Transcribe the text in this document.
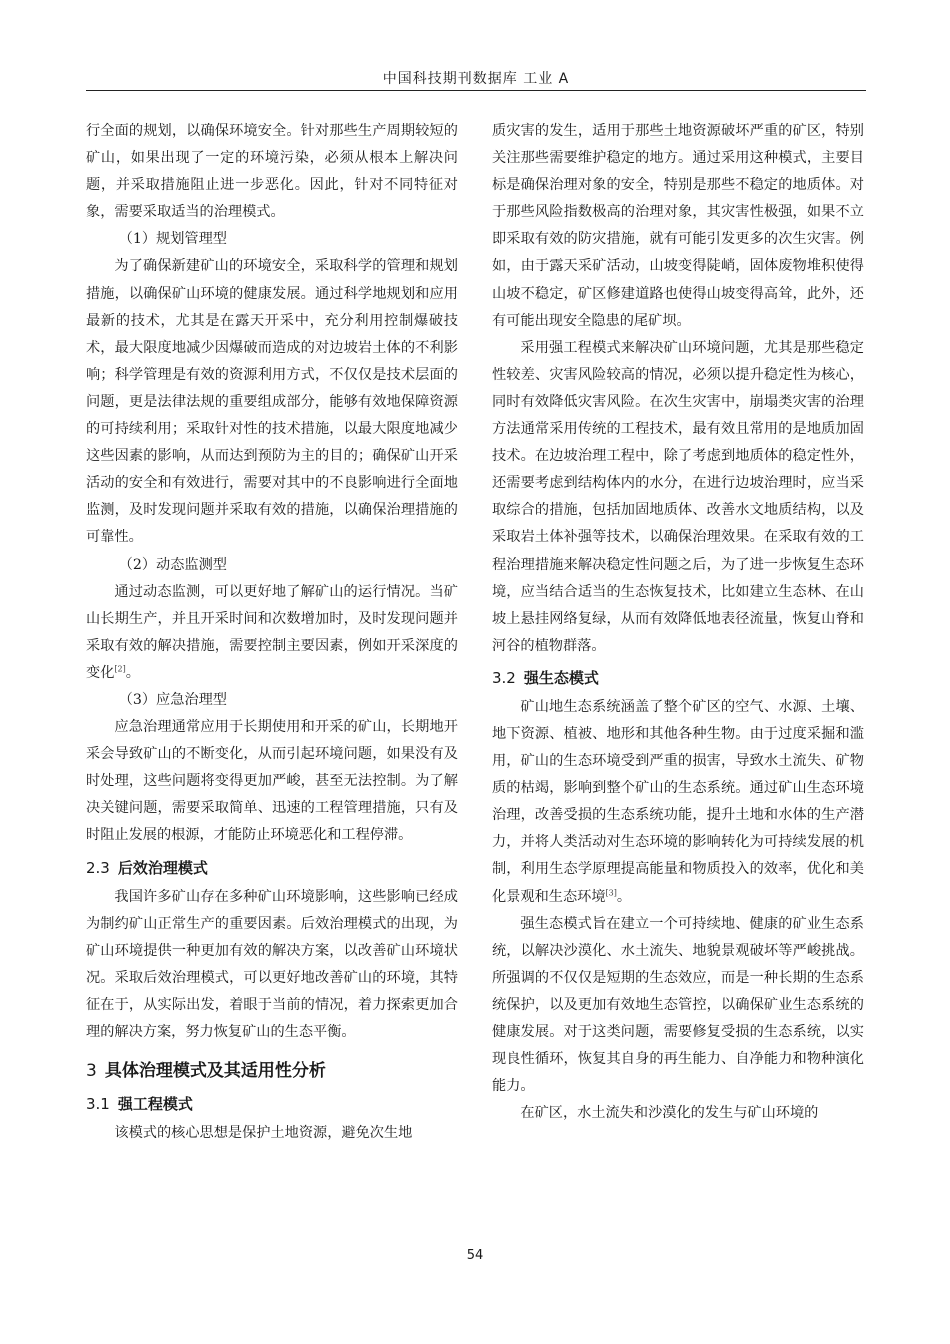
中国科技期刊数据库 工业 A

行全面的规划，以确保环境安全。针对那些生产周期较短的矿山，如果出现了一定的环境污染，必须从根本上解决问题，并采取措施阻止进一步恶化。因此，针对不同特征对象，需要采取适当的治理模式。

（1）规划管理型

为了确保新建矿山的环境安全，采取科学的管理和规划措施，以确保矿山环境的健康发展。通过科学地规划和应用最新的技术，尤其是在露天开采中，充分利用控制爆破技术，最大限度地减少因爆破而造成的对边坡岩土体的不利影响；科学管理是有效的资源利用方式，不仅仅是技术层面的问题，更是法律法规的重要组成部分，能够有效地保障资源的可持续利用；采取针对性的技术措施，以最大限度地减少这些因素的影响，从而达到预防为主的目的；确保矿山开采活动的安全和有效进行，需要对其中的不良影响进行全面地监测，及时发现问题并采取有效的措施，以确保治理措施的可靠性。

（2）动态监测型

通过动态监测，可以更好地了解矿山的运行情况。当矿山长期生产，并且开采时间和次数增加时，及时发现问题并采取有效的解决措施，需要控制主要因素，例如开采深度的变化[2]。

（3）应急治理型

应急治理通常应用于长期使用和开采的矿山，长期地开采会导致矿山的不断变化，从而引起环境问题，如果没有及时处理，这些问题将变得更加严峻，甚至无法控制。为了解决关键问题，需要采取简单、迅速的工程管理措施，只有及时阻止发展的根源，才能防止环境恶化和工程停滞。

2.3 后效治理模式

我国许多矿山存在多种矿山环境影响，这些影响已经成为制约矿山正常生产的重要因素。后效治理模式的出现，为矿山环境提供一种更加有效的解决方案，以改善矿山环境状况。采取后效治理模式，可以更好地改善矿山的环境，其特征在于，从实际出发，着眼于当前的情况，着力探索更加合理的解决方案，努力恢复矿山的生态平衡。

3 具体治理模式及其适用性分析
3.1 强工程模式

该模式的核心思想是保护土地资源，避免次生地

质灾害的发生，适用于那些土地资源破坏严重的矿区，特别关注那些需要维护稳定的地方。通过采用这种模式，主要目标是确保治理对象的安全，特别是那些不稳定的地质体。对于那些风险指数极高的治理对象，其灾害性极强，如果不立即采取有效的防灾措施，就有可能引发更多的次生灾害。例如，由于露天采矿活动，山坡变得陡峭，固体废物堆积使得山坡不稳定，矿区修建道路也使得山坡变得高耸，此外，还有可能出现安全隐患的尾矿坝。

采用强工程模式来解决矿山环境问题，尤其是那些稳定性较差、灾害风险较高的情况，必须以提升稳定性为核心，同时有效降低灾害风险。在次生灾害中，崩塌类灾害的治理方法通常采用传统的工程技术，最有效且常用的是地质加固技术。在边坡治理工程中，除了考虑到地质体的稳定性外，还需要考虑到结构体内的水分，在进行边坡治理时，应当采取综合的措施，包括加固地质体、改善水文地质结构，以及采取岩土体补强等技术，以确保治理效果。在采取有效的工程治理措施来解决稳定性问题之后，为了进一步恢复生态环境，应当结合适当的生态恢复技术，比如建立生态林、在山坡上悬挂网络复绿，从而有效降低地表径流量，恢复山脊和河谷的植物群落。

3.2 强生态模式

矿山地生态系统涵盖了整个矿区的空气、水源、土壤、地下资源、植被、地形和其他各种生物。由于过度采掘和滥用，矿山的生态环境受到严重的损害，导致水土流失、矿物质的枯竭，影响到整个矿山的生态系统。通过矿山生态环境治理，改善受损的生态系统功能，提升土地和水体的生产潜力，并将人类活动对生态环境的影响转化为可持续发展的机制，利用生态学原理提高能量和物质投入的效率，优化和美化景观和生态环境[3]。

强生态模式旨在建立一个可持续地、健康的矿业生态系统，以解决沙漠化、水土流失、地貌景观破坏等严峻挑战。所强调的不仅仅是短期的生态效应，而是一种长期的生态系统保护，以及更加有效地生态管控，以确保矿业生态系统的健康发展。对于这类问题，需要修复受损的生态系统，以实现良性循环，恢复其自身的再生能力、自净能力和物种演化能力。

在矿区，水土流失和沙漠化的发生与矿山环境的

54
